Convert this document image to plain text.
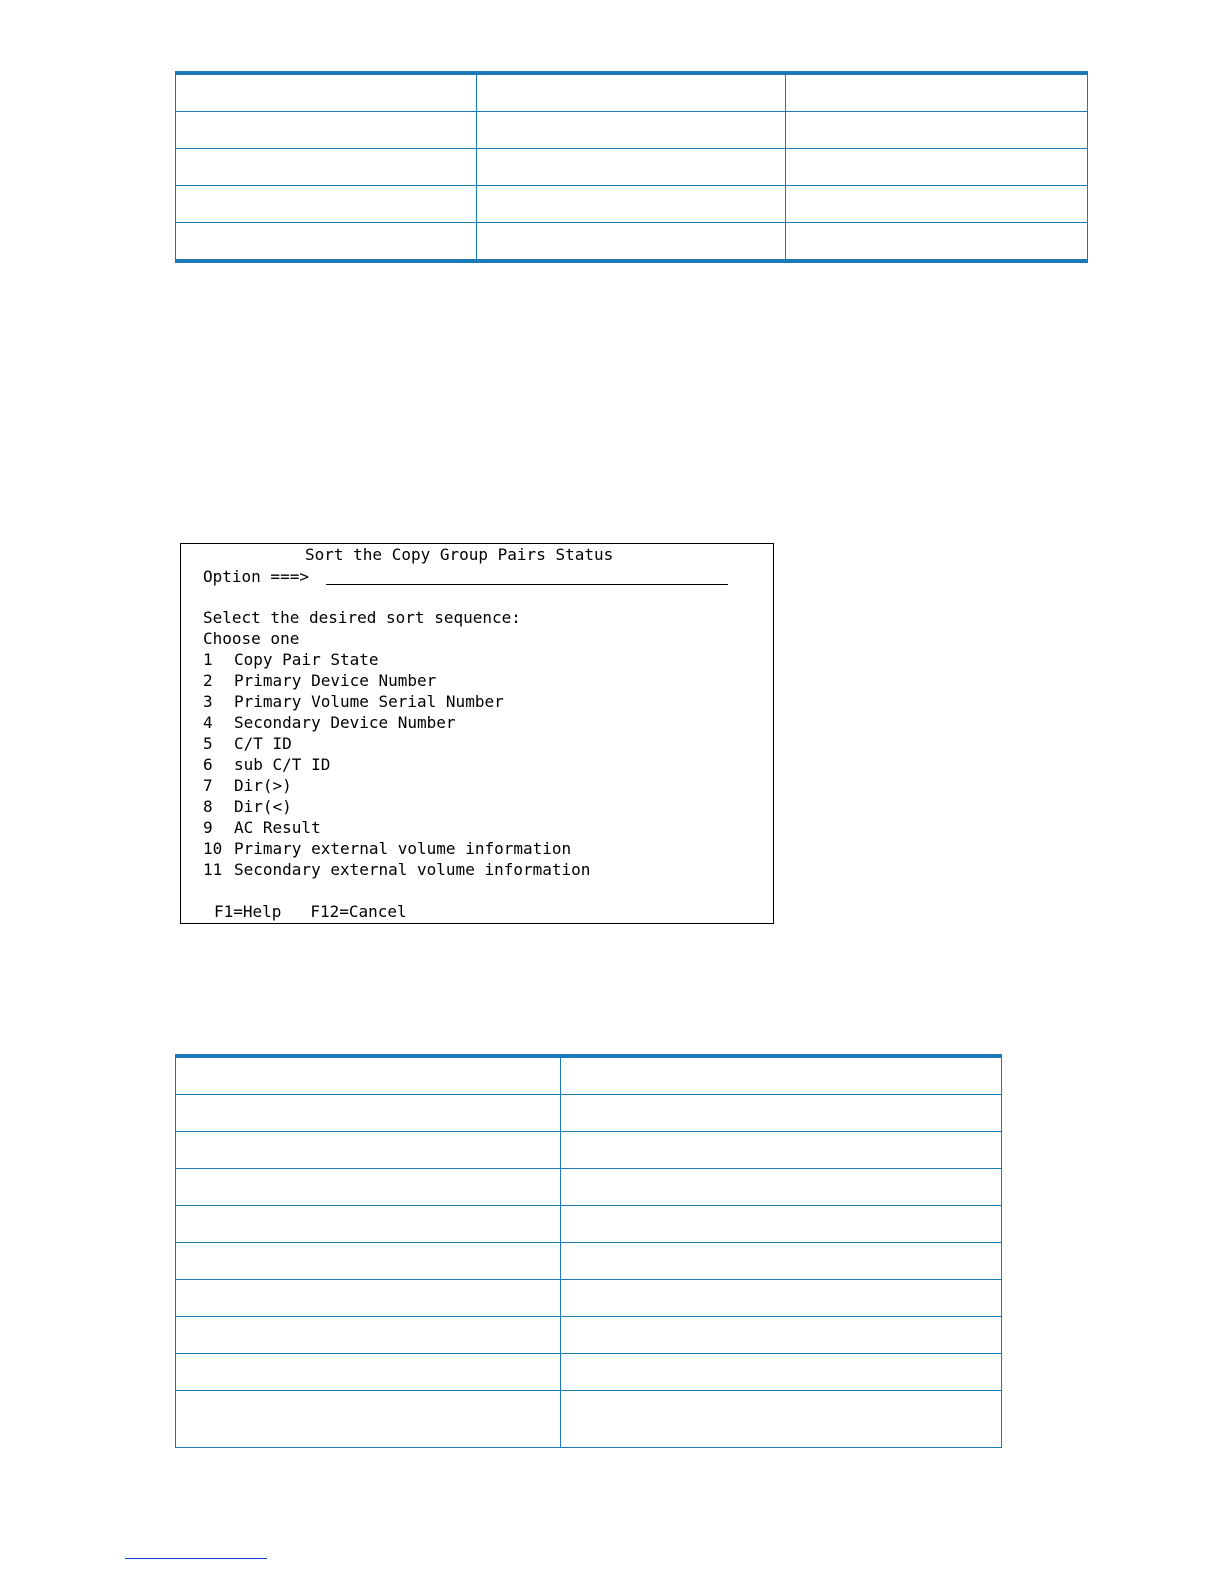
Sort the Copy Group Pairs Status
Option ===>
Select the desired sort sequence:
Choose one
1 Copy Pair State
2 Primary Device Number
3 Primary Volume Serial Number
4 Secondary Device Number
5 C/T ID
6 sub C/T ID
7 Dir(>)
8 Dir(<)
9 AC Result
10 Primary external volume information
11 Secondary external volume information
F1=Help F12=Cancel
